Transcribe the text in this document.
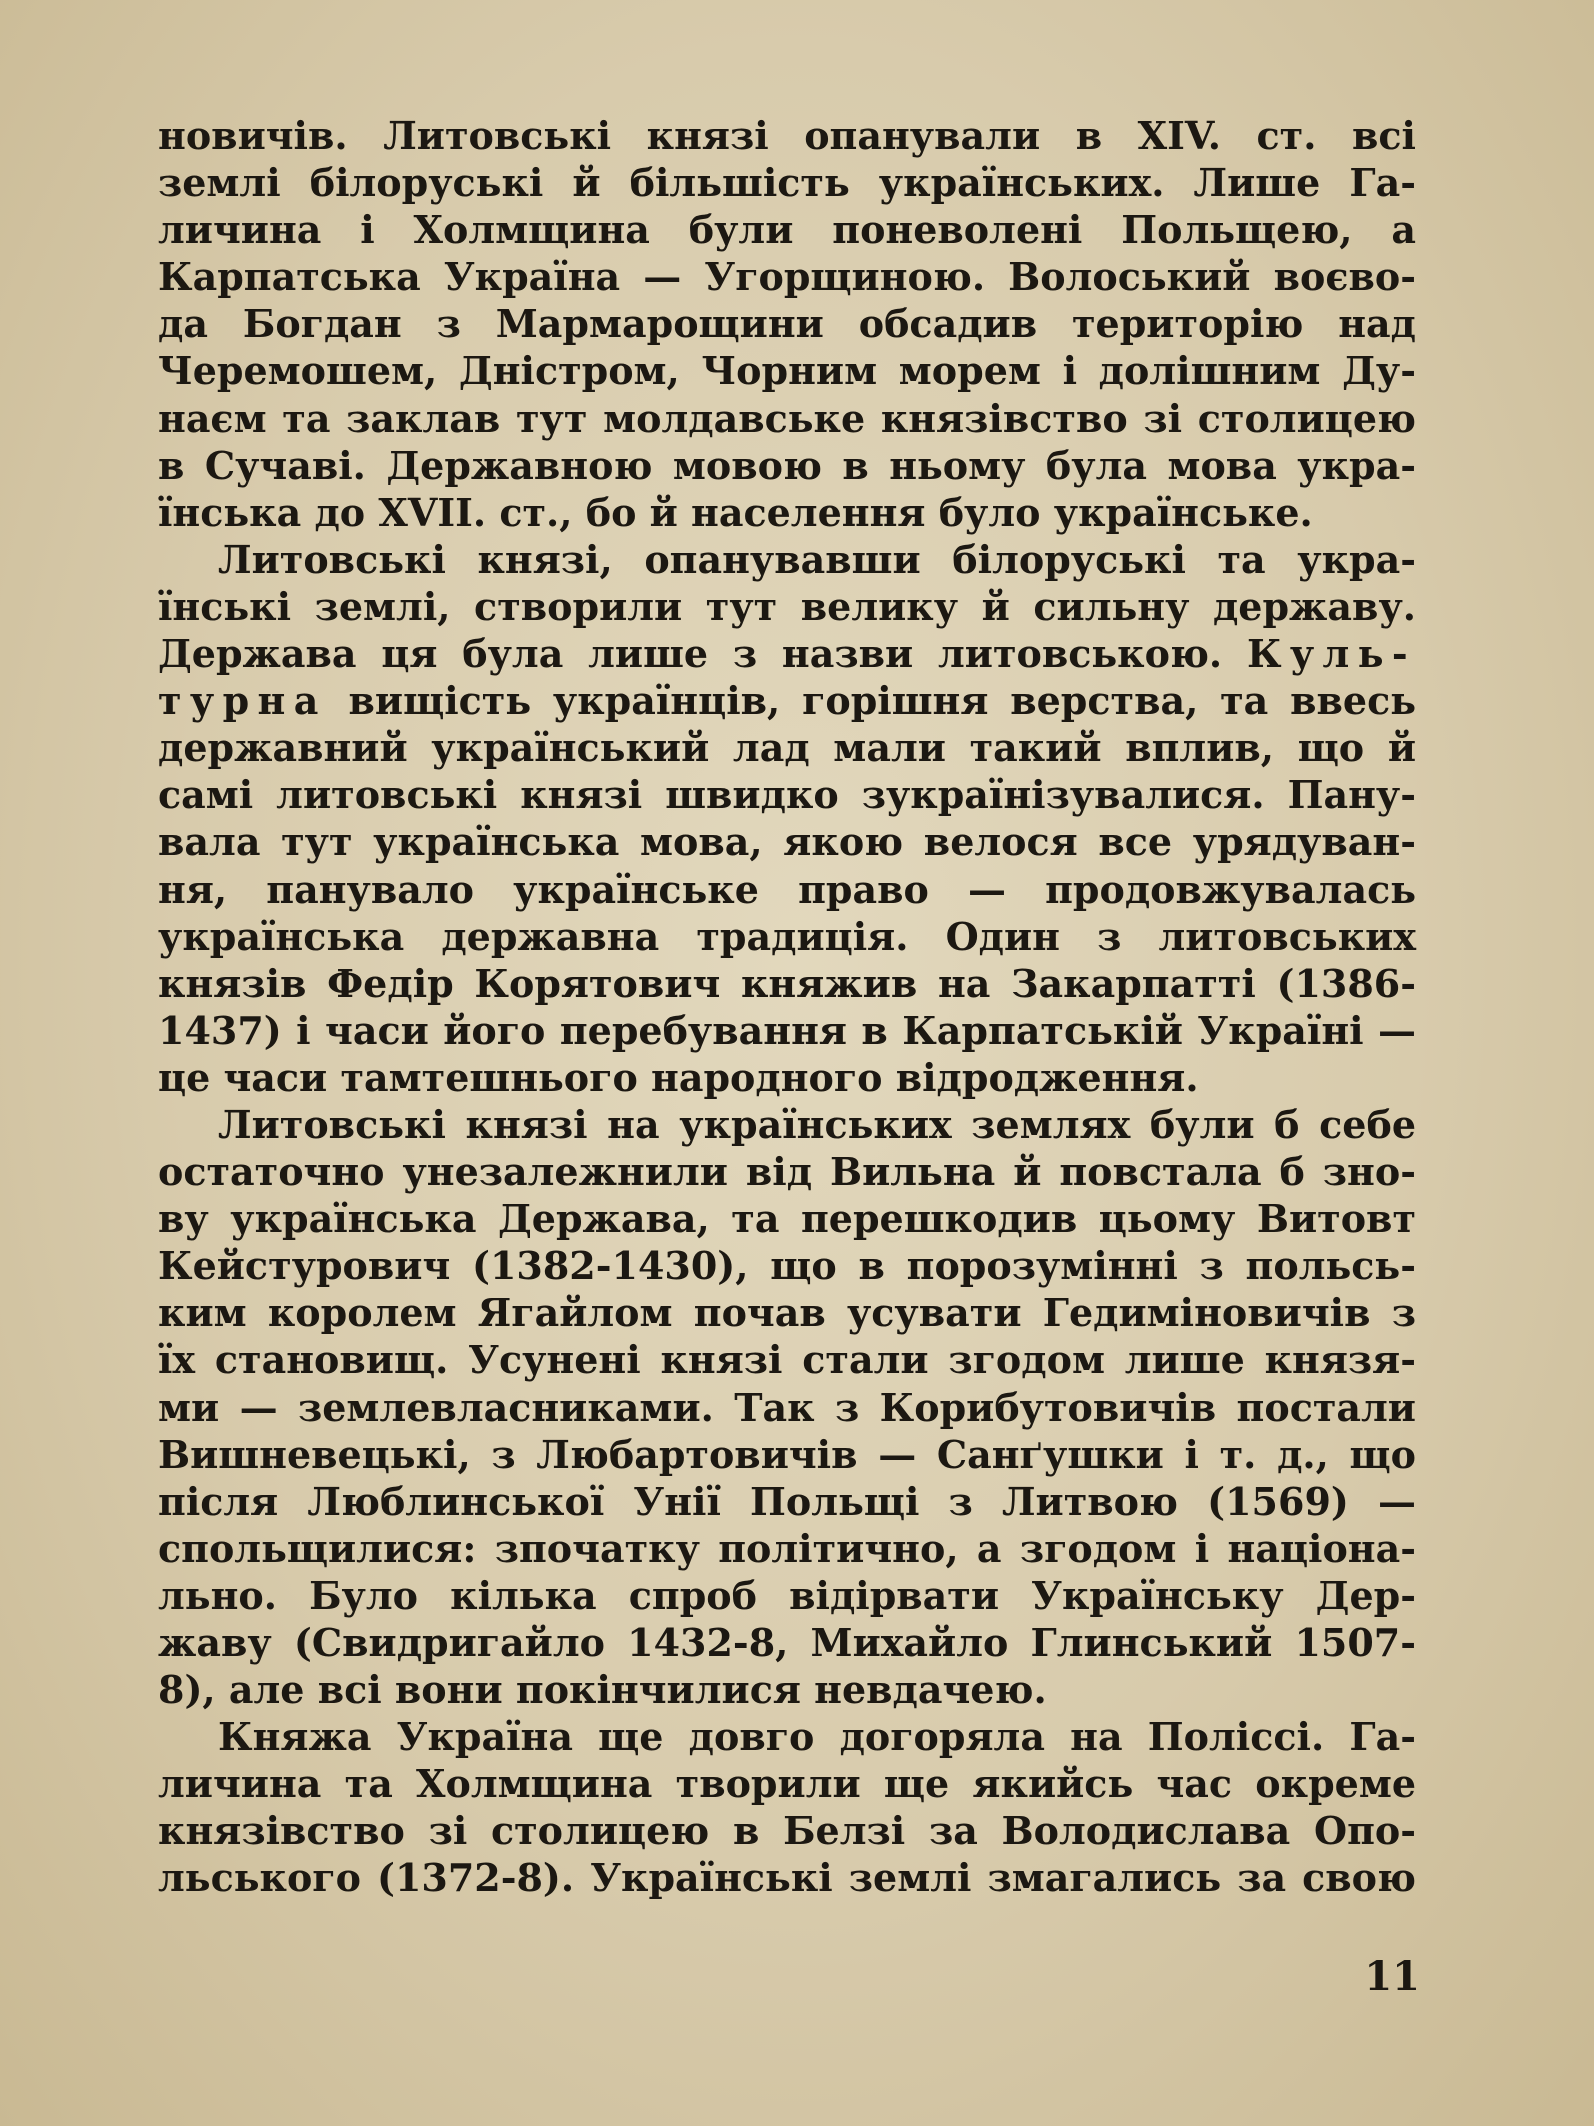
новичів. Литовські князі опанували в XIV. ст. всі
землі білоруські й більшість українських. Лише Га-
личина і Холмщина були поневолені Польщею, а
Карпатська Україна — Угорщиною. Волоський воєво-
да Богдан з Мармарощини обсадив територію над
Черемошем, Дністром, Чорним морем і долішним Ду-
наєм та заклав тут молдавське князівство зі столицею
в Сучаві. Державною мовою в ньому була мова укра-
їнська до XVII. ст., бо й населення було українське.
Литовські князі, опанувавши білоруські та укра-
їнські землі, створили тут велику й сильну державу.
Держава ця була лише з назви литовською. Куль-
турна вищість українців, горішня верства, та ввесь
державний український лад мали такий вплив, що й
самі литовські князі швидко зукраїнізувалися. Пану-
вала тут українська мова, якою велося все урядуван-
ня, панувало українське право — продовжувалась
українська державна традиція. Один з литовських
князів Федір Корятович княжив на Закарпатті (1386-
1437) і часи його перебування в Карпатській Україні —
це часи тамтешнього народного відродження.
Литовські князі на українських землях були б себе
остаточно унезалежнили від Вильна й повстала б зно-
ву українська Держава, та перешкодив цьому Витовт
Кейстурович (1382-1430), що в порозумінні з польсь-
ким королем Ягайлом почав усувати Гедиміновичів з
їх становищ. Усунені князі стали згодом лише князя-
ми — землевласниками. Так з Корибутовичів постали
Вишневецькі, з Любартовичів — Санґушки і т. д., що
після Люблинської Унії Польщі з Литвою (1569) —
спольщилися: зпочатку політично, а згодом і націона-
льно. Було кілька спроб відірвати Українську Дер-
жаву (Свидригайло 1432-8, Михайло Глинський 1507-
8), але всі вони покінчилися невдачею.
Княжа Україна ще довго догоряла на Поліссі. Га-
личина та Холмщина творили ще якийсь час окреме
князівство зі столицею в Белзі за Володислава Опо-
льського (1372-8). Українські землі змагались за свою
11
